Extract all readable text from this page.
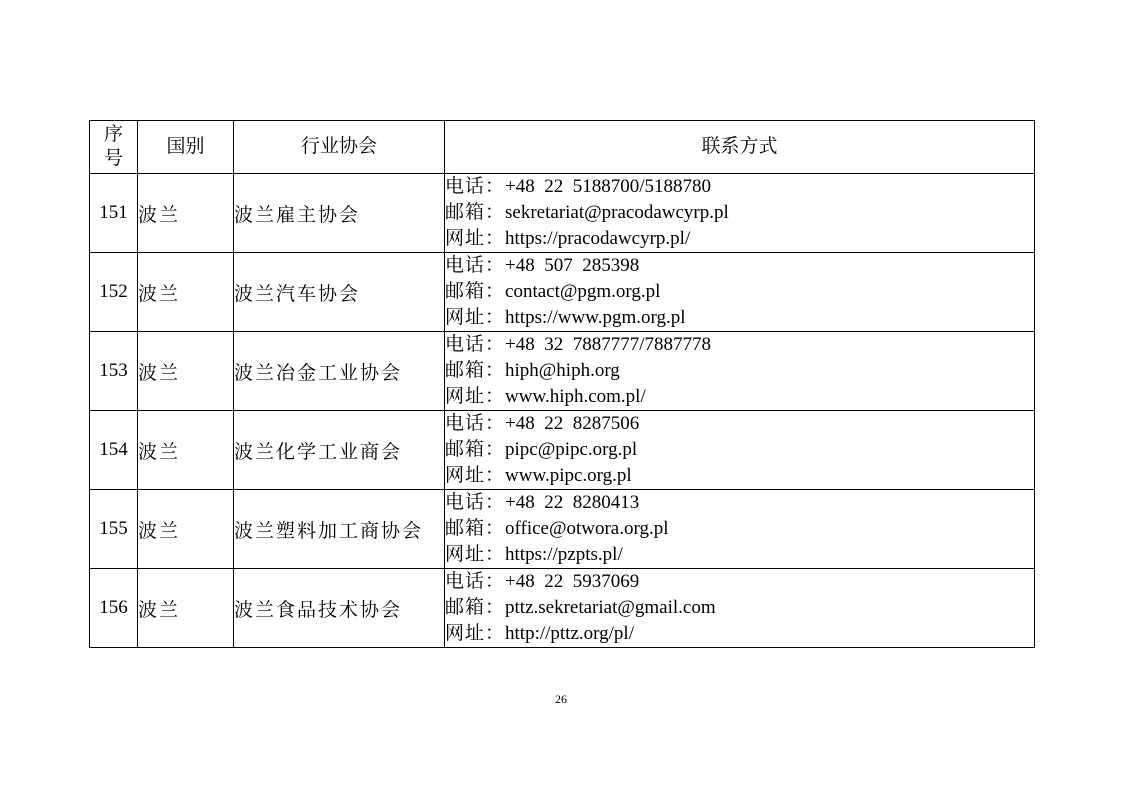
序
号	国别	行业协会	联系方式
151	波兰	波兰雇主协会	电话：+48  22  5188700/5188780
邮箱：sekretariat@pracodawcyrp.pl
网址：https://pracodawcyrp.pl/

152	波兰	波兰汽车协会	电话：+48  507  285398
邮箱：contact@pgm.org.pl
网址：https://www.pgm.org.pl

153	波兰	波兰冶金工业协会	电话：+48  32  7887777/7887778
邮箱：hiph@hiph.org
网址：www.hiph.com.pl/

154	波兰	波兰化学工业商会	电话：+48  22  8287506
邮箱：pipc@pipc.org.pl
网址：www.pipc.org.pl

155	波兰	波兰塑料加工商协会	电话：+48  22  8280413
邮箱：office@otwora.org.pl
网址：https://pzpts.pl/

156	波兰	波兰食品技术协会	电话：+48  22  5937069
邮箱：pttz.sekretariat@gmail.com
网址：http://pttz.org/pl/
26
